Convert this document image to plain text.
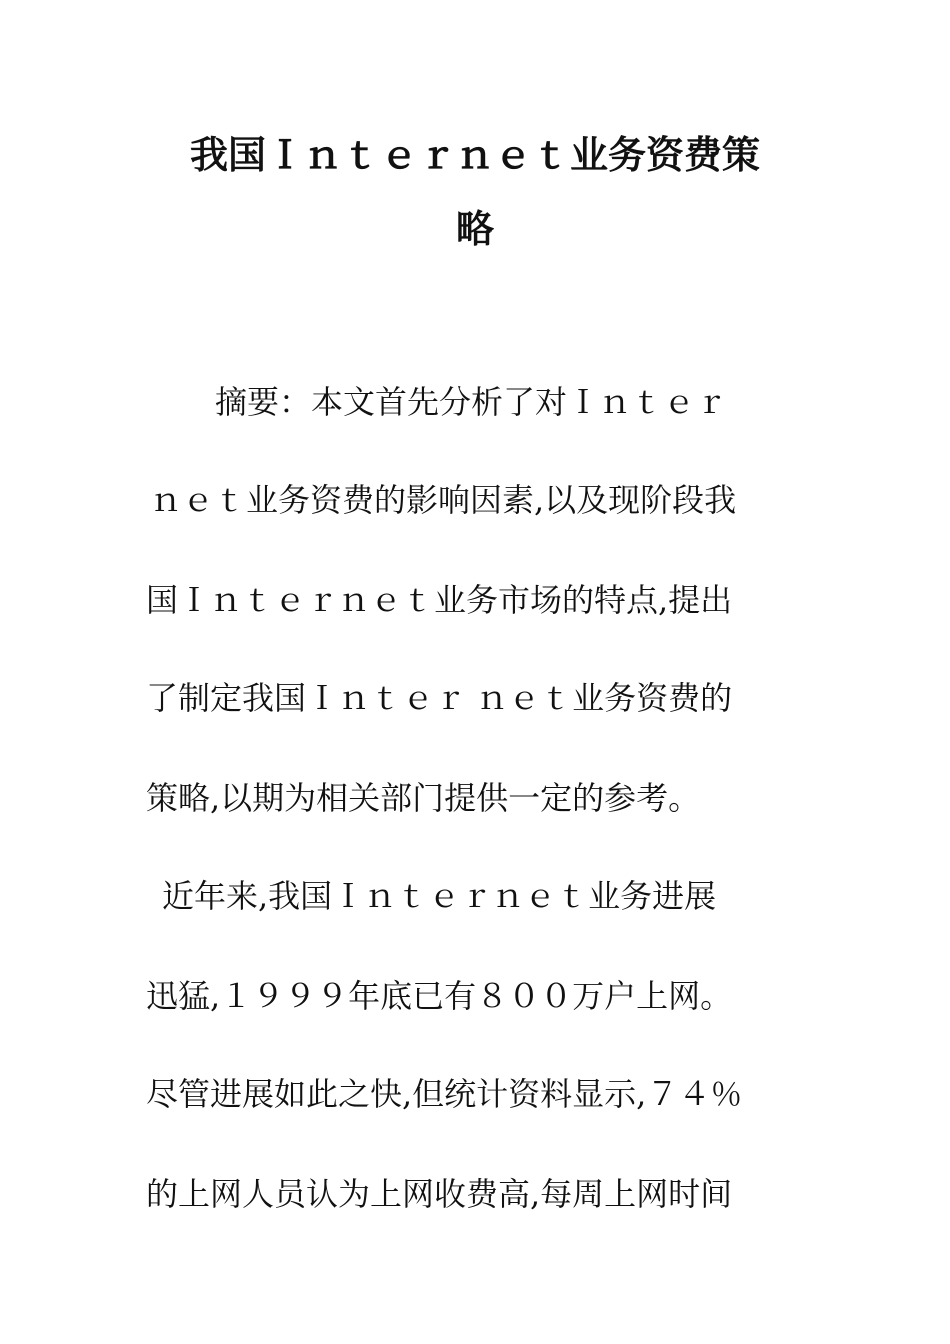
我国Ｉｎｔｅｒｎｅｔ业务资费策
略
摘要：本文首先分析了对Ｉｎｔｅｒ
ｎｅｔ业务资费的影响因素,以及现阶段我
国Ｉｎｔｅｒｎｅｔ业务市场的特点,提出
了制定我国Ｉｎｔｅｒ ｎｅｔ业务资费的
策略,以期为相关部门提供一定的参考。
近年来,我国Ｉｎｔｅｒｎｅｔ业务进展
迅猛,１９９９年底已有８００万户上网。
尽管进展如此之快,但统计资料显示,７４％
的上网人员认为上网收费高,每周上网时间
